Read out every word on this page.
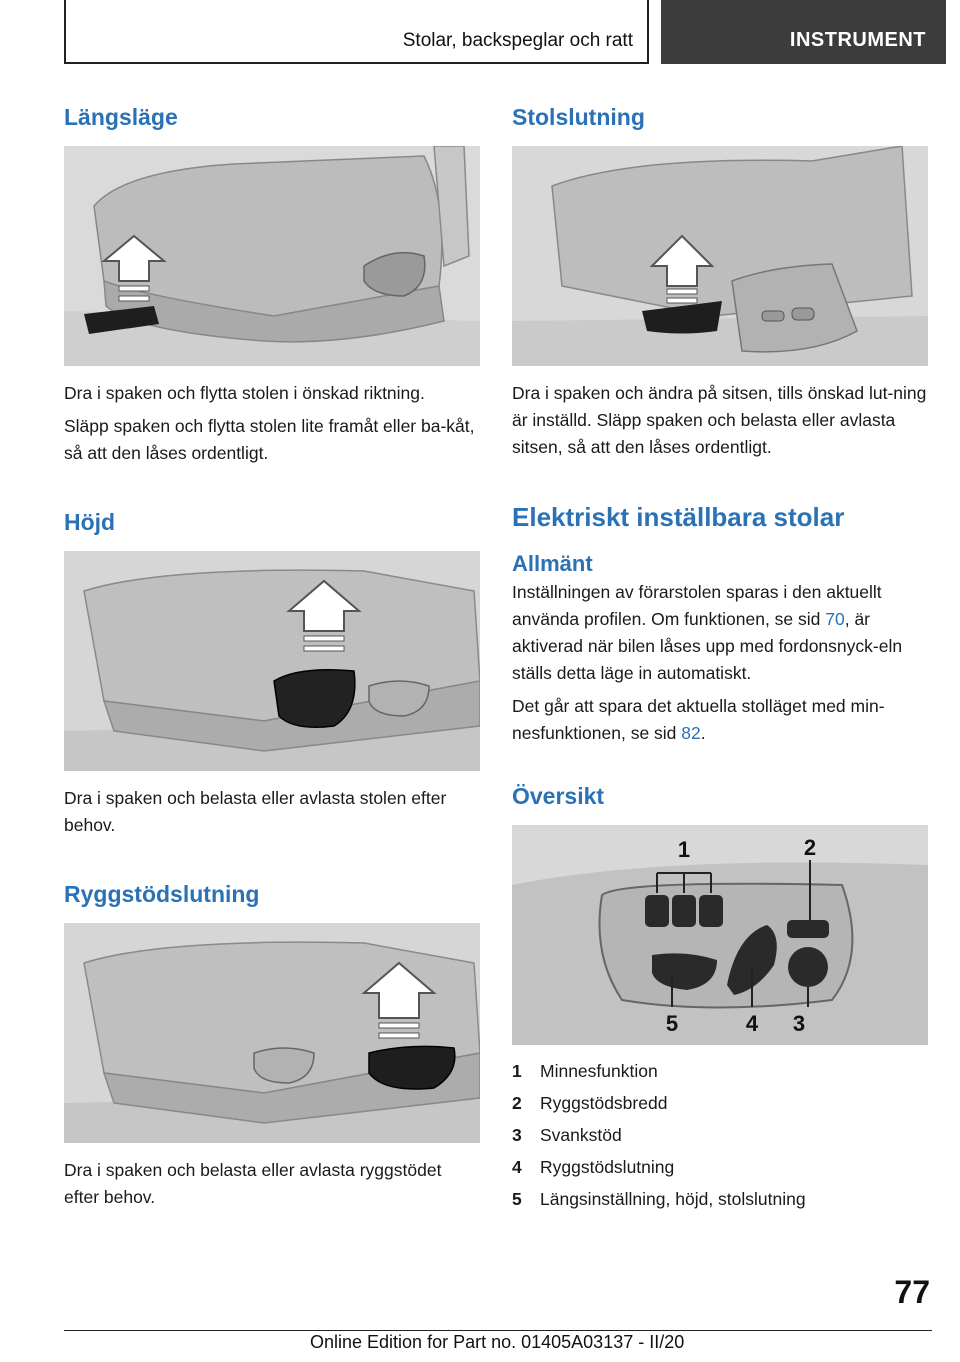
Stolar, backspeglar och ratt	INSTRUMENT
Längsläge

Dra i spaken och flytta stolen i önskad riktning.

Släpp spaken och flytta stolen lite framåt eller ba-kåt, så att den låses ordentligt.

Höjd

Dra i spaken och belasta eller avlasta stolen efter behov.

Ryggstödslutning

Dra i spaken och belasta eller avlasta ryggstödet efter behov.

Stolslutning

Dra i spaken och ändra på sitsen, tills önskad lut-ning är inställd. Släpp spaken och belasta eller avlasta sitsen, så att den låses ordentligt.

Elektriskt inställbara stolar
Allmänt

Inställningen av förarstolen sparas i den aktuellt använda profilen. Om funktionen, se sid 70, är aktiverad när bilen låses upp med fordonsnyck-eln ställs detta läge in automatiskt.

Det går att spara det aktuella stolläget med min-nesfunktionen, se sid 82.

Översikt
1	2
3
4
5
1	Minnesfunktion
2	Ryggstödsbredd
3	Svankstöd
4	Ryggstödslutning
5	Längsinställning, höjd, stolslutning
77
Online Edition for Part no. 01405A03137 - II/20
